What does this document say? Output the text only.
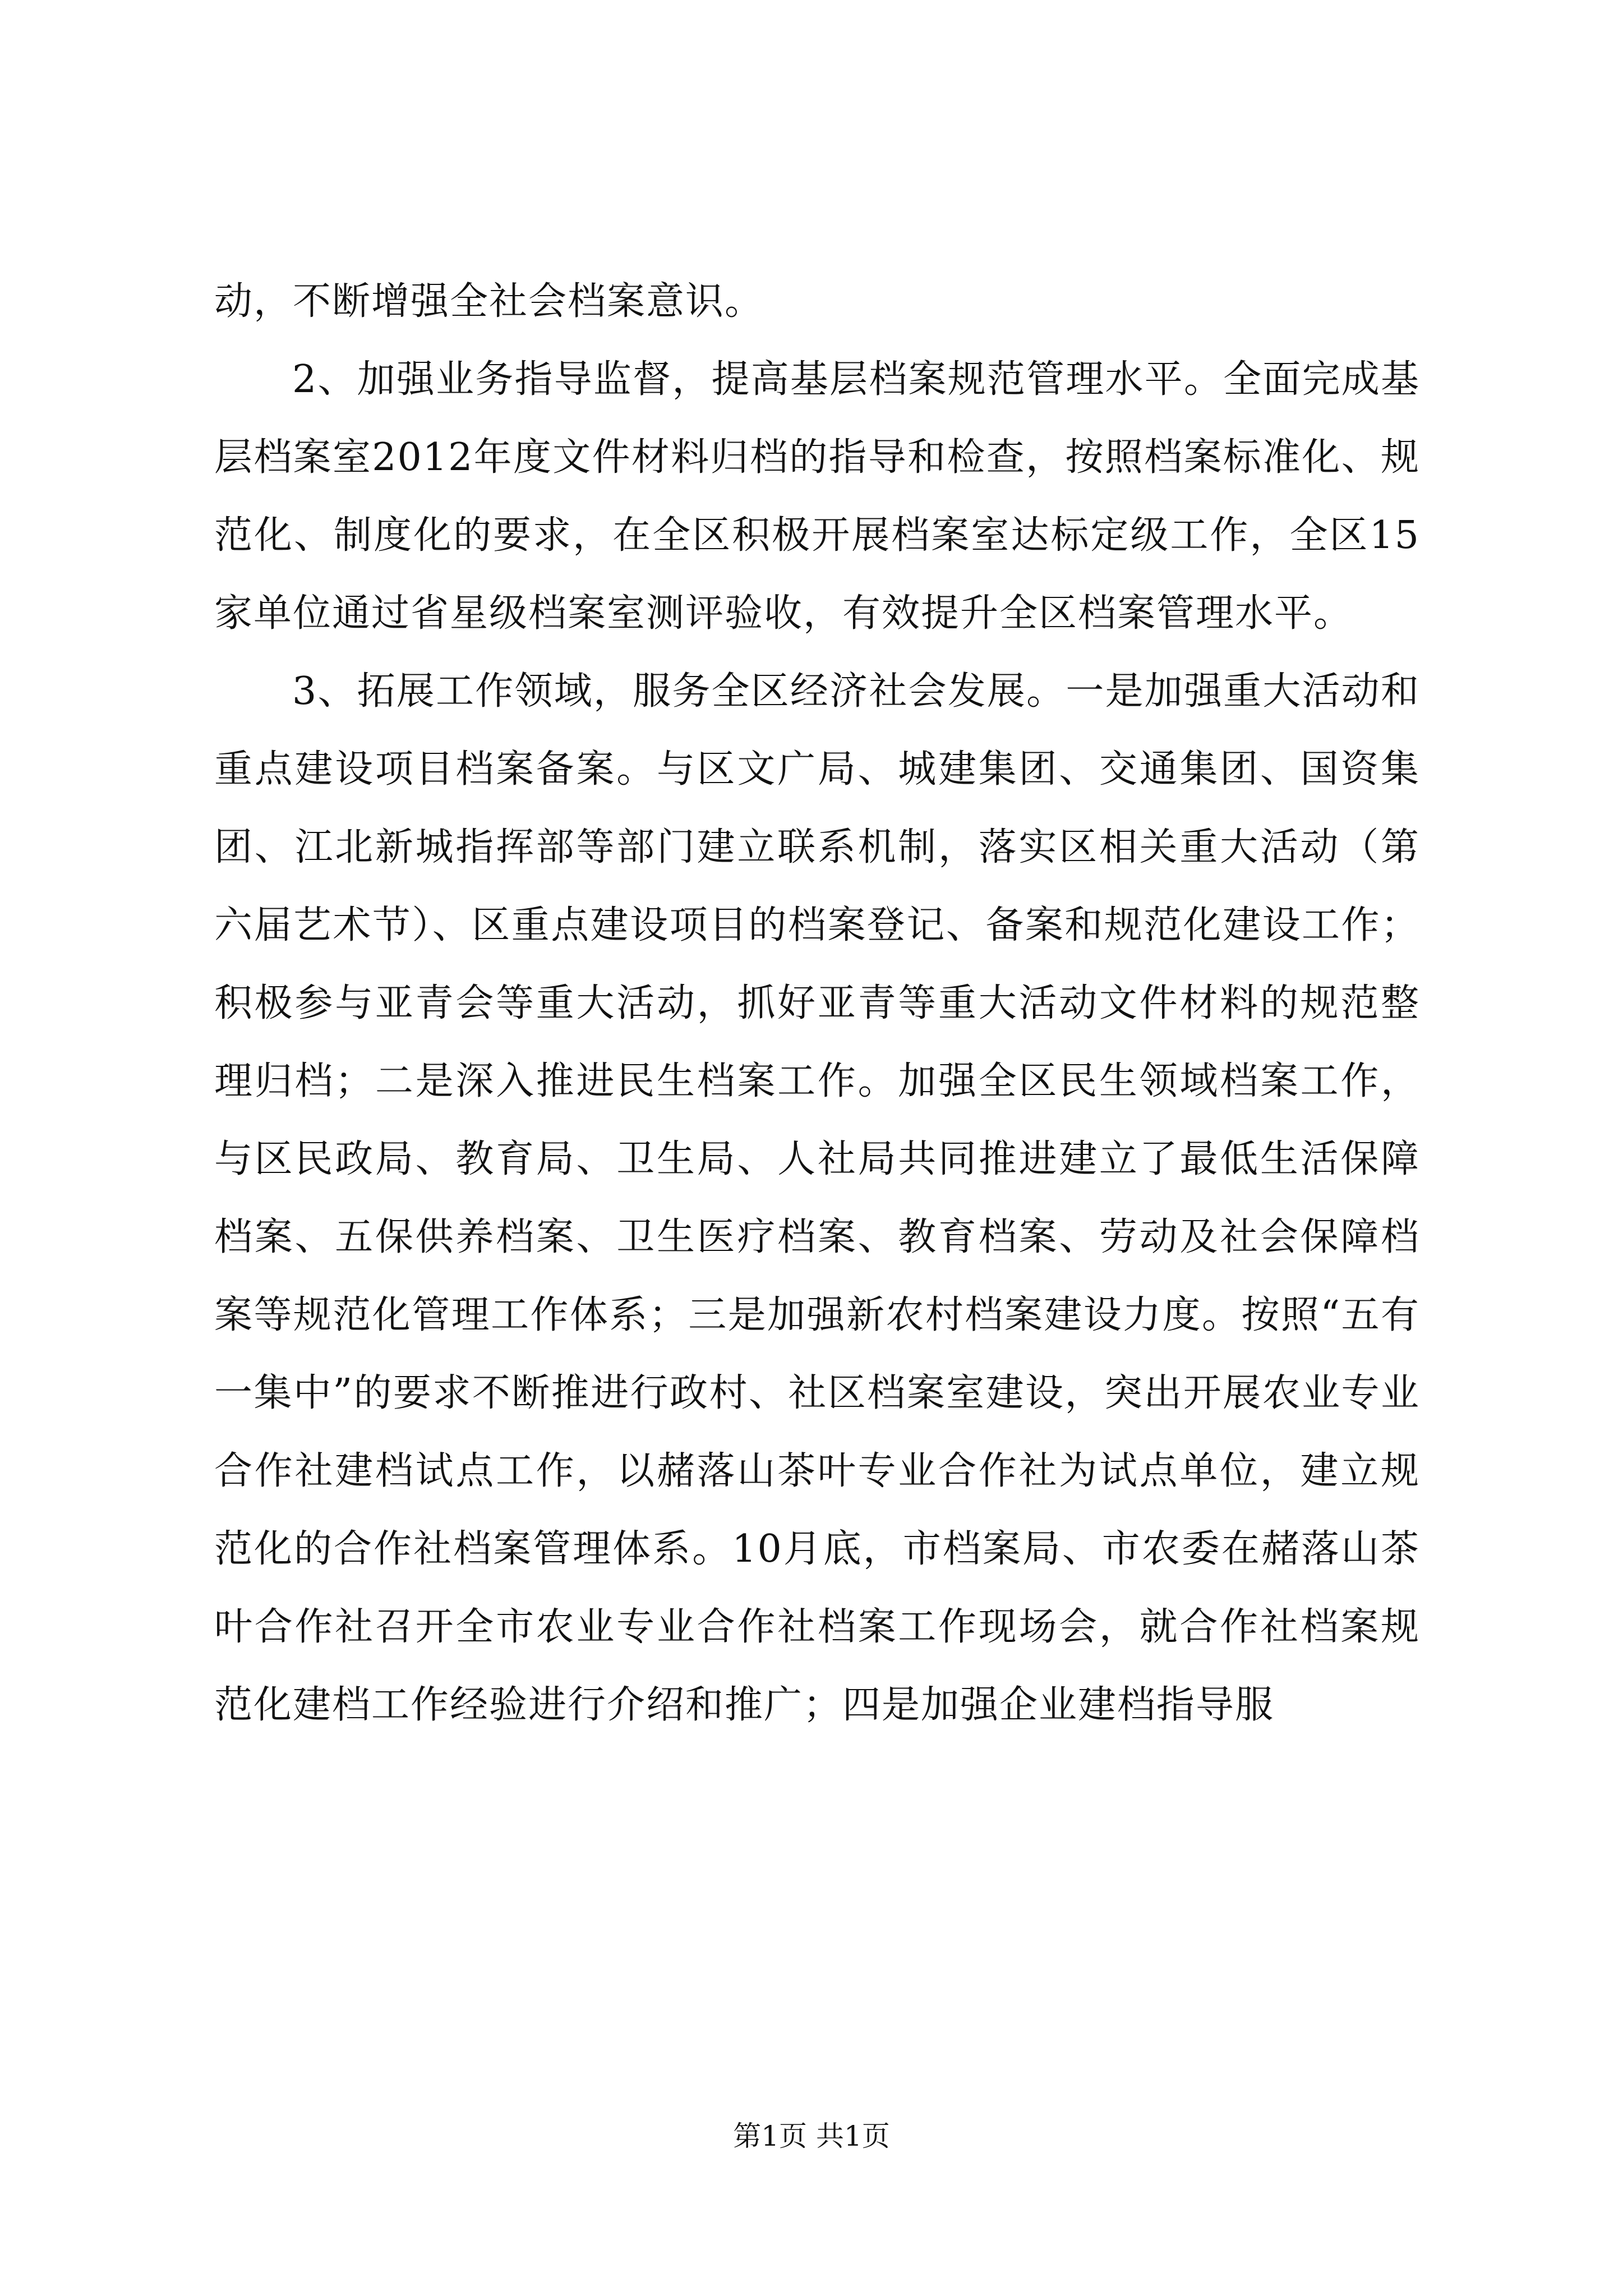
动，不断增强全社会档案意识。

2、加强业务指导监督，提高基层档案规范管理水平。全面完成基层档案室2012年度文件材料归档的指导和检查，按照档案标准化、规范化、制度化的要求，在全区积极开展档案室达标定级工作，全区15家单位通过省星级档案室测评验收，有效提升全区档案管理水平。

3、拓展工作领域，服务全区经济社会发展。一是加强重大活动和重点建设项目档案备案。与区文广局、城建集团、交通集团、国资集团、江北新城指挥部等部门建立联系机制，落实区相关重大活动（第六届艺术节）、区重点建设项目的档案登记、备案和规范化建设工作；积极参与亚青会等重大活动，抓好亚青等重大活动文件材料的规范整理归档；二是深入推进民生档案工作。加强全区民生领域档案工作，与区民政局、教育局、卫生局、人社局共同推进建立了最低生活保障档案、五保供养档案、卫生医疗档案、教育档案、劳动及社会保障档案等规范化管理工作体系；三是加强新农村档案建设力度。按照“五有一集中”的要求不断推进行政村、社区档案室建设，突出开展农业专业合作社建档试点工作，以赭落山茶叶专业合作社为试点单位，建立规范化的合作社档案管理体系。10月底，市档案局、市农委在赭落山茶叶合作社召开全市农业专业合作社档案工作现场会，就合作社档案规范化建档工作经验进行介绍和推广；四是加强企业建档指导服

第1页 共1页
